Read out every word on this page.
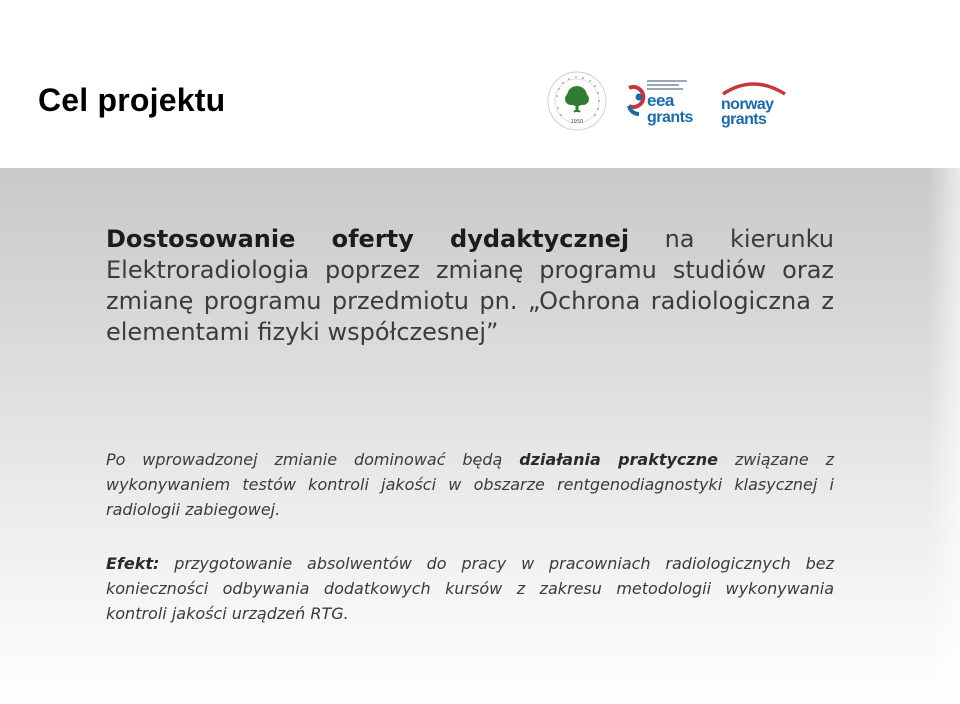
Cel projektu
1950
eea
grants
norway
grants

Dostosowanie oferty dydaktycznej na kierunku Elektroradiologia poprzez zmianę programu studiów oraz zmianę programu przedmiotu pn. „Ochrona radiologiczna z elementami fizyki współczesnej”

Po wprowadzonej zmianie dominować będą działania praktyczne związane z wykonywaniem testów kontroli jakości w obszarze rentgenodiagnostyki klasycznej i radiologii zabiegowej.

Efekt: przygotowanie absolwentów do pracy w pracowniach radiologicznych bez konieczności odbywania dodatkowych kursów z zakresu metodologii wykonywania kontroli jakości urządzeń RTG.
